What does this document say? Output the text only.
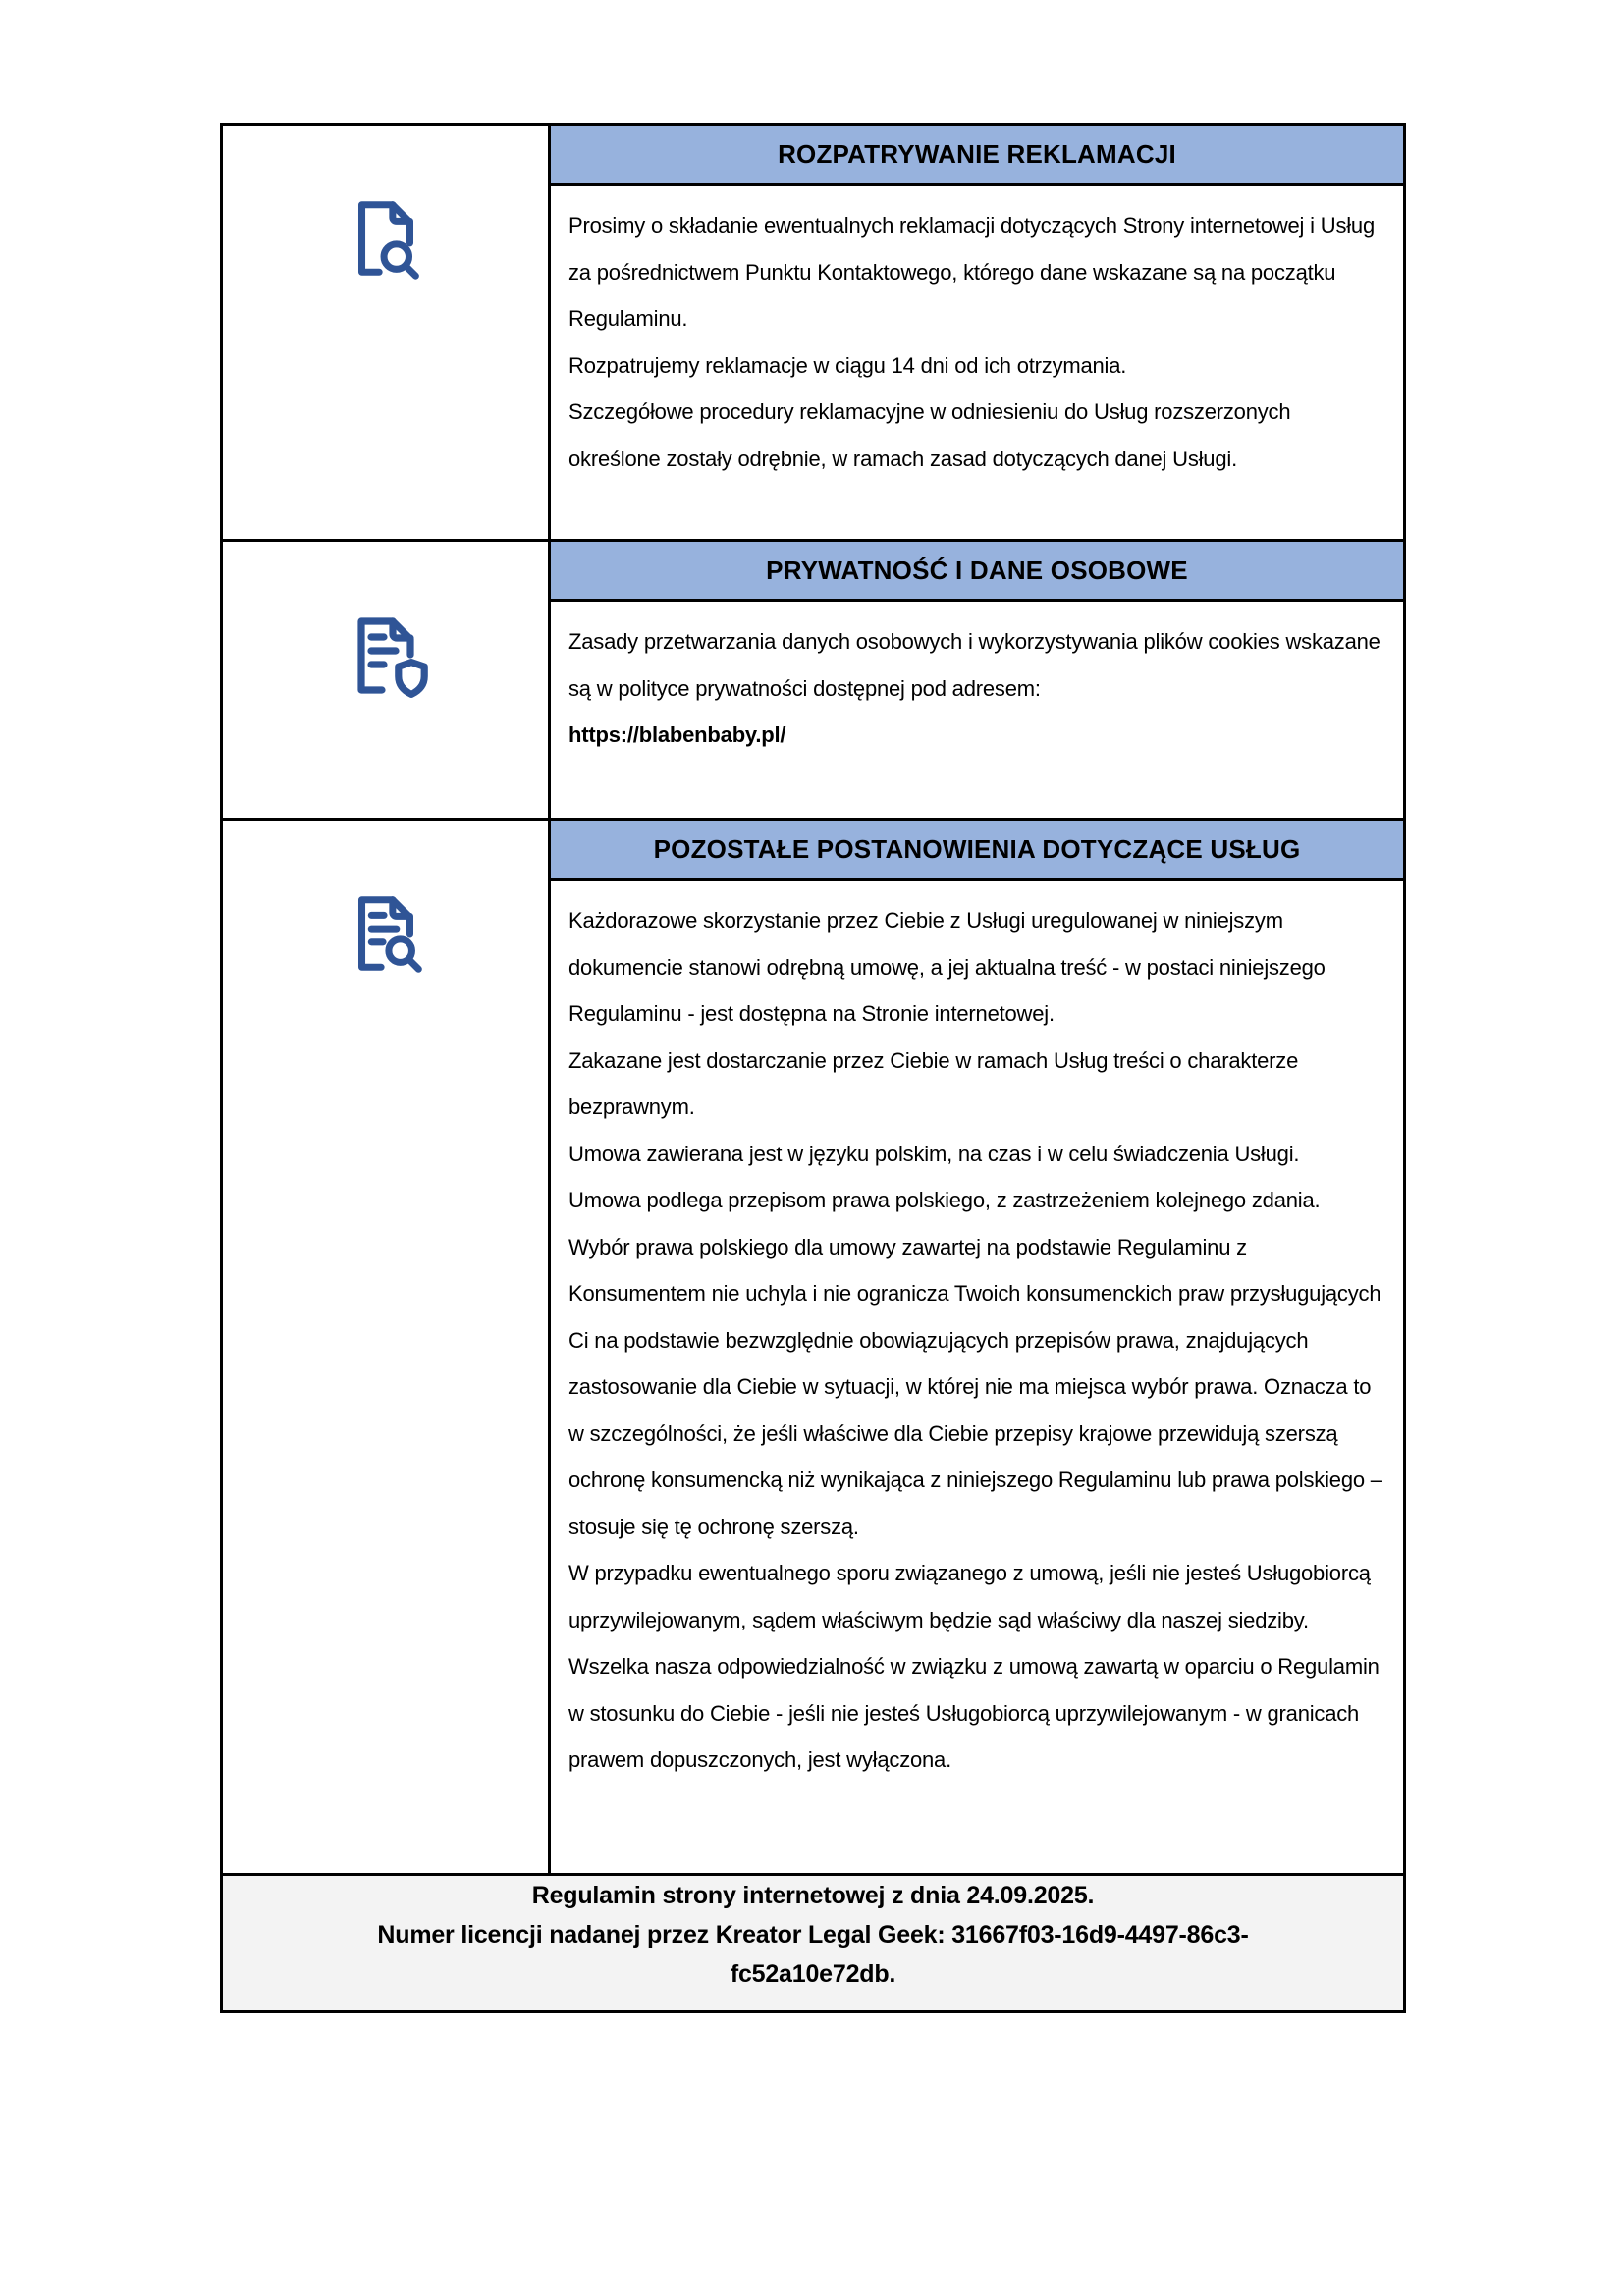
ROZPATRYWANIE REKLAMACJI

Prosimy o składanie ewentualnych reklamacji dotyczących Strony internetowej i Usług za pośrednictwem Punktu Kontaktowego, którego dane wskazane są na początku Regulaminu.

Rozpatrujemy reklamacje w ciągu 14 dni od ich otrzymania.

Szczegółowe procedury reklamacyjne w odniesieniu do Usług rozszerzonych określone zostały odrębnie, w ramach zasad dotyczących danej Usługi.

PRYWATNOŚĆ I DANE OSOBOWE

Zasady przetwarzania danych osobowych i wykorzystywania plików cookies wskazane są w polityce prywatności dostępnej pod adresem:

https://blabenbaby.pl/

POZOSTAŁE POSTANOWIENIA DOTYCZĄCE USŁUG

Każdorazowe skorzystanie przez Ciebie z Usługi uregulowanej w niniejszym dokumencie stanowi odrębną umowę, a jej aktualna treść - w postaci niniejszego Regulaminu - jest dostępna na Stronie internetowej.

Zakazane jest dostarczanie przez Ciebie w ramach Usług treści o charakterze bezprawnym.

Umowa zawierana jest w języku polskim, na czas i w celu świadczenia Usługi.

Umowa podlega przepisom prawa polskiego, z zastrzeżeniem kolejnego zdania. Wybór prawa polskiego dla umowy zawartej na podstawie Regulaminu z Konsumentem nie uchyla i nie ogranicza Twoich konsumenckich praw przysługujących Ci na podstawie bezwzględnie obowiązujących przepisów prawa, znajdujących zastosowanie dla Ciebie w sytuacji, w której nie ma miejsca wybór prawa. Oznacza to w szczególności, że jeśli właściwe dla Ciebie przepisy krajowe przewidują szerszą ochronę konsumencką niż wynikająca z niniejszego Regulaminu lub prawa polskiego – stosuje się tę ochronę szerszą.

W przypadku ewentualnego sporu związanego z umową, jeśli nie jesteś Usługobiorcą uprzywilejowanym, sądem właściwym będzie sąd właściwy dla naszej siedziby.

Wszelka nasza odpowiedzialność w związku z umową zawartą w oparciu o Regulamin w stosunku do Ciebie - jeśli nie jesteś Usługobiorcą uprzywilejowanym - w granicach prawem dopuszczonych, jest wyłączona.

Regulamin strony internetowej z dnia 24.09.2025.
Numer licencji nadanej przez Kreator Legal Geek: 31667f03-16d9-4497-86c3-fc52a10e72db.	
